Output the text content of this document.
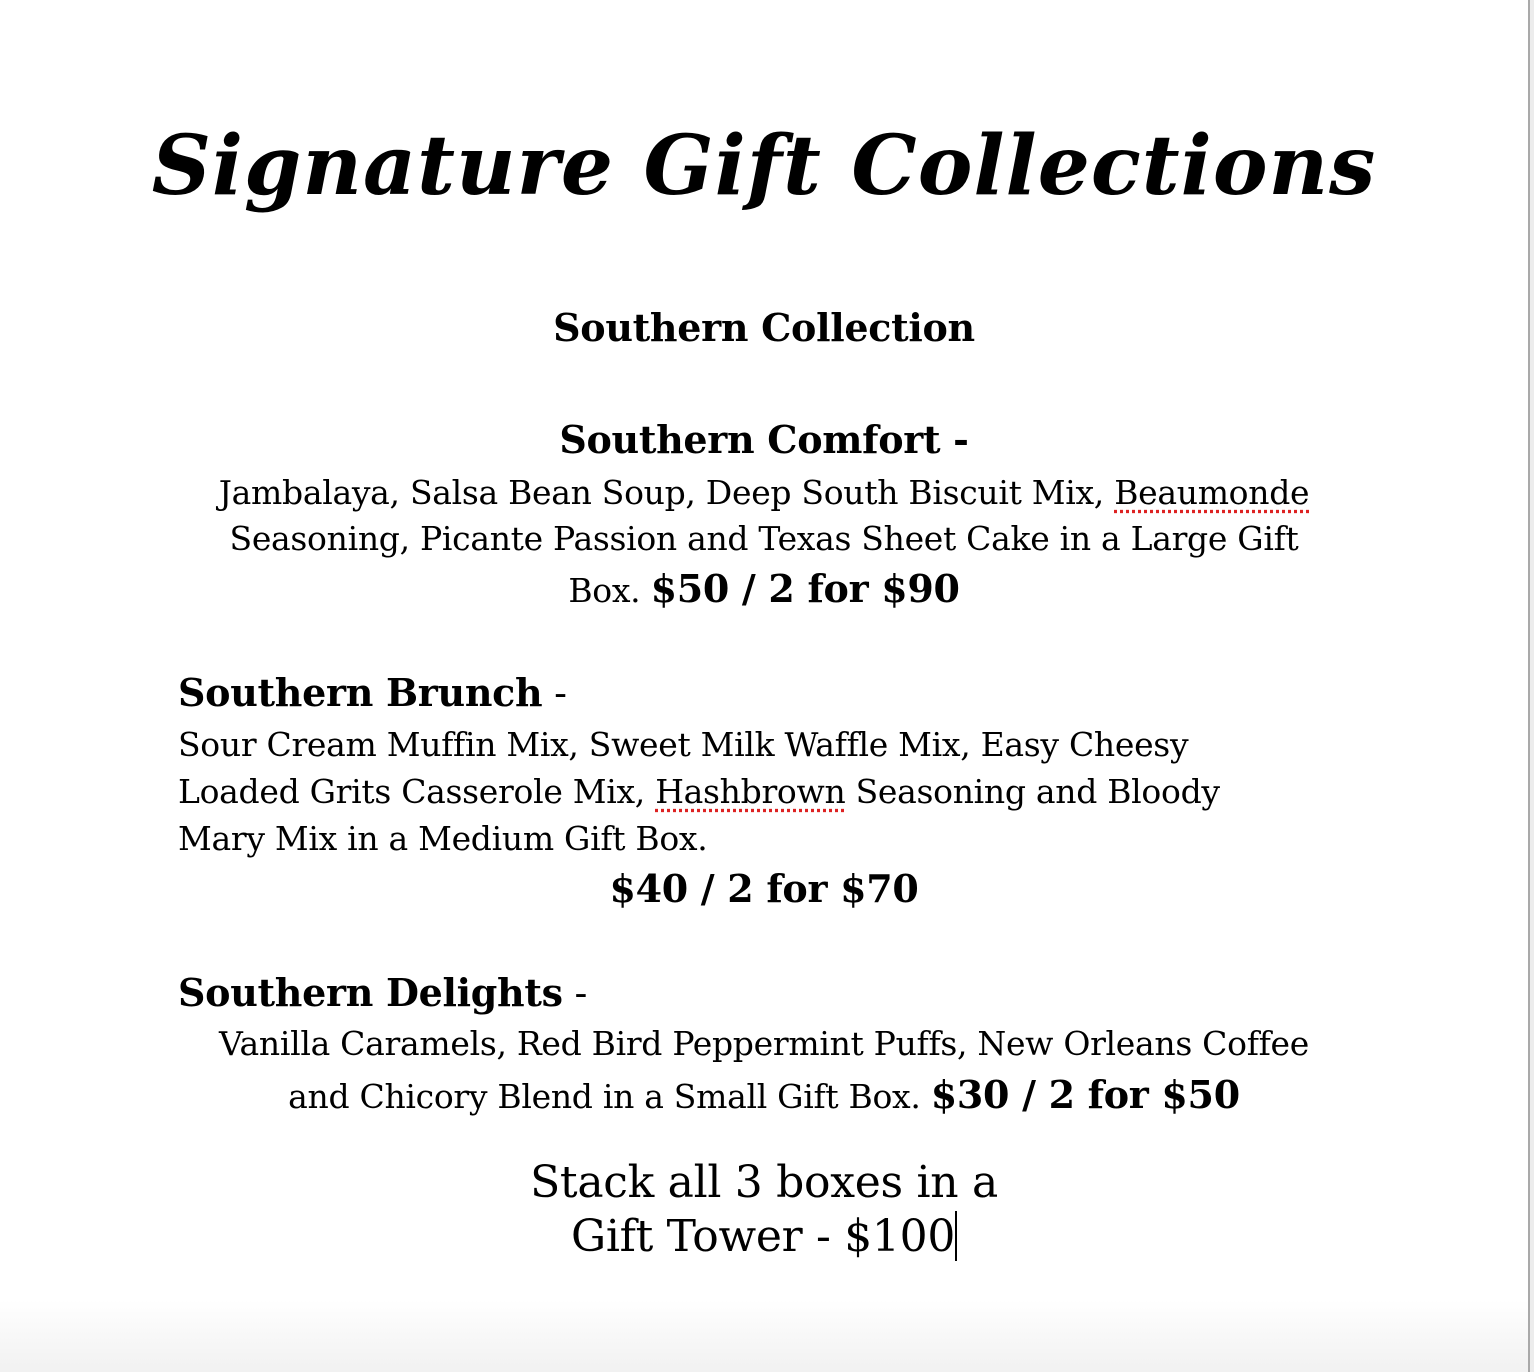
Signature Gift Collections
Southern Collection
Southern Comfort -
Jambalaya, Salsa Bean Soup, Deep South Biscuit Mix, Beaumonde
Seasoning, Picante Passion and Texas Sheet Cake in a Large Gift
Box. $50 / 2 for $90
Southern Brunch -
Sour Cream Muffin Mix, Sweet Milk Waffle Mix, Easy Cheesy
Loaded Grits Casserole Mix, Hashbrown Seasoning and Bloody
Mary Mix in a Medium Gift Box.
$40 / 2 for $70
Southern Delights -
Vanilla Caramels, Red Bird Peppermint Puffs, New Orleans Coffee
and Chicory Blend in a Small Gift Box. $30 / 2 for $50
Stack all 3 boxes in a
Gift Tower - $100
